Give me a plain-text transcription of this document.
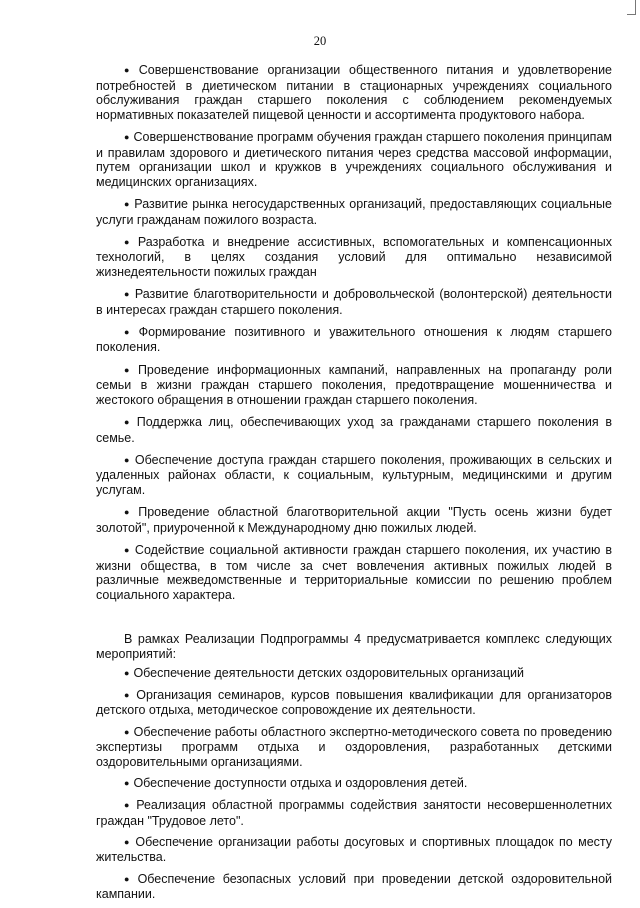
20

● Совершенствование организации общественного питания и удовлетворение потребностей в диетическом питании в стационарных учреждениях социального обслуживания граждан старшего поколения с соблюдением рекомендуемых нормативных показателей пищевой ценности и ассортимента продуктового набора.

● Совершенствование программ обучения граждан старшего поколения принципам и правилам здорового и диетического питания через средства массовой информации, путем организации школ и кружков в учреждениях социального обслуживания и медицинских организациях.

● Развитие рынка негосударственных организаций, предоставляющих социальные услуги гражданам пожилого возраста.

● Разработка и внедрение ассистивных, вспомогательных и компенсационных технологий, в целях создания условий для оптимально независимой жизнедеятельности пожилых граждан

● Развитие благотворительности и добровольческой (волонтерской) деятельности в интересах граждан старшего поколения.

● Формирование позитивного и уважительного отношения к людям старшего поколения.

● Проведение информационных кампаний, направленных на пропаганду роли семьи в жизни граждан старшего поколения, предотвращение мошенничества и жестокого обращения в отношении граждан старшего поколения.

● Поддержка лиц, обеспечивающих уход за гражданами старшего поколения в семье.

● Обеспечение доступа граждан старшего поколения, проживающих в сельских и удаленных районах области, к социальным, культурным, медицинскими и другим услугам.

● Проведение областной благотворительной акции "Пусть осень жизни будет золотой", приуроченной к Международному дню пожилых людей.

● Содействие социальной активности граждан старшего поколения, их участию в жизни общества, в том числе за счет вовлечения активных пожилых людей в различные межведомственные и территориальные комиссии по решению проблем социального характера.

В рамках Реализации Подпрограммы 4 предусматривается комплекс следующих мероприятий:

● Обеспечение деятельности детских оздоровительных организаций

● Организация семинаров, курсов повышения квалификации для организаторов детского отдыха, методическое сопровождение их деятельности.

● Обеспечение работы областного экспертно-методического совета по проведению экспертизы программ отдыха и оздоровления, разработанных детскими оздоровительными организациями.

● Обеспечение доступности отдыха и оздоровления детей.

● Реализация областной программы содействия занятости несовершеннолетних граждан "Трудовое лето".

● Обеспечение организации работы досуговых и спортивных площадок по месту жительства.

● Обеспечение безопасных условий при проведении детской оздоровительной кампании.
